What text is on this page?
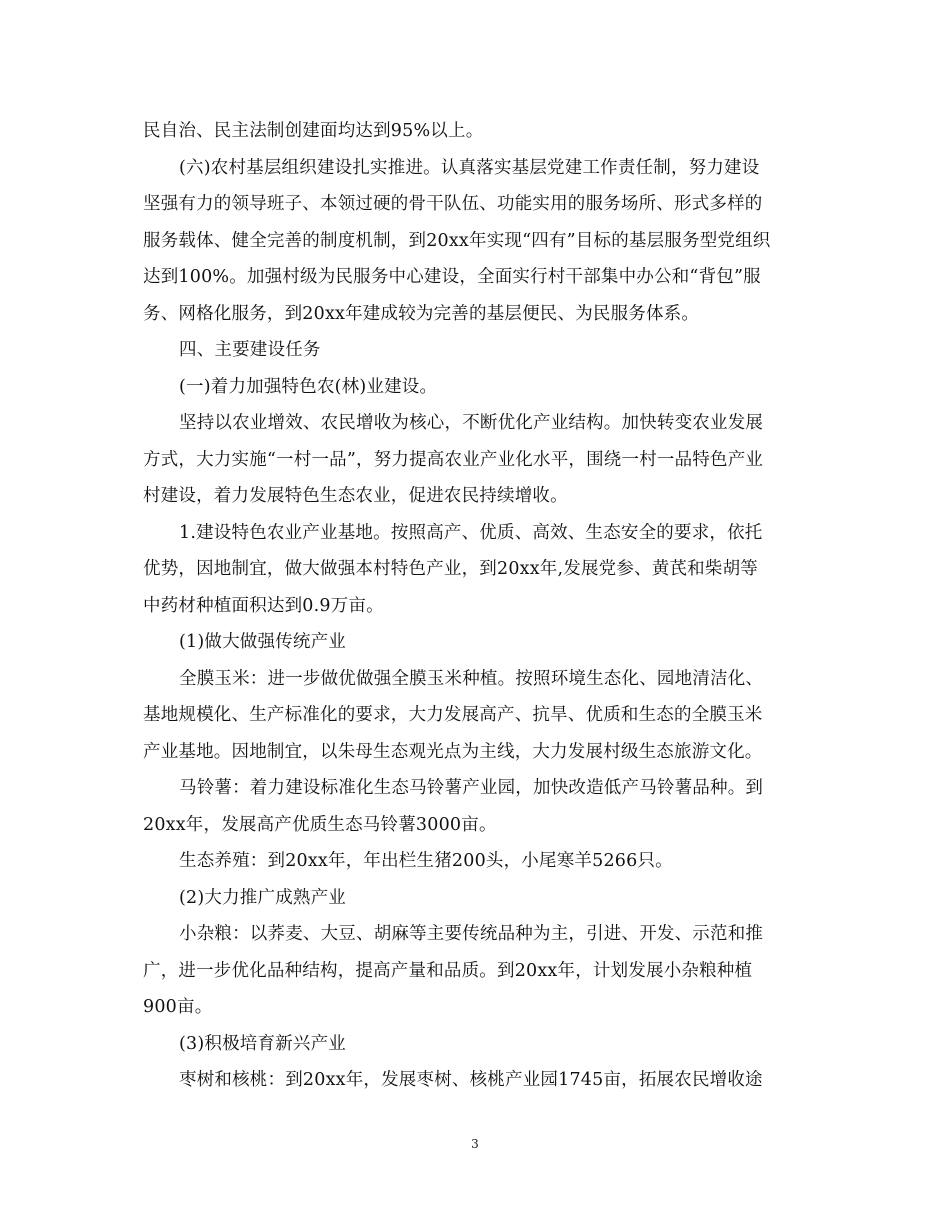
民自治、民主法制创建面均达到95%以上。
(六)农村基层组织建设扎实推进。认真落实基层党建工作责任制，努力建设
坚强有力的领导班子、本领过硬的骨干队伍、功能实用的服务场所、形式多样的
服务载体、健全完善的制度机制，到20xx年实现“四有”目标的基层服务型党组织
达到100%。加强村级为民服务中心建设，全面实行村干部集中办公和“背包”服
务、网格化服务，到20xx年建成较为完善的基层便民、为民服务体系。
四、主要建设任务
(一)着力加强特色农(林)业建设。
坚持以农业增效、农民增收为核心，不断优化产业结构。加快转变农业发展
方式，大力实施“一村一品”，努力提高农业产业化水平，围绕一村一品特色产业
村建设，着力发展特色生态农业，促进农民持续增收。
1.建设特色农业产业基地。按照高产、优质、高效、生态安全的要求，依托
优势，因地制宜，做大做强本村特色产业，到20xx年,发展党参、黄芪和柴胡等
中药材种植面积达到0.9万亩。
(1)做大做强传统产业
全膜玉米：进一步做优做强全膜玉米种植。按照环境生态化、园地清洁化、
基地规模化、生产标准化的要求，大力发展高产、抗旱、优质和生态的全膜玉米
产业基地。因地制宜，以朱母生态观光点为主线，大力发展村级生态旅游文化。
马铃薯：着力建设标准化生态马铃薯产业园，加快改造低产马铃薯品种。到
20xx年，发展高产优质生态马铃薯3000亩。
生态养殖：到20xx年，年出栏生猪200头，小尾寒羊5266只。
(2)大力推广成熟产业
小杂粮：以荞麦、大豆、胡麻等主要传统品种为主，引进、开发、示范和推
广，进一步优化品种结构，提高产量和品质。到20xx年，计划发展小杂粮种植
900亩。
(3)积极培育新兴产业
枣树和核桃：到20xx年，发展枣树、核桃产业园1745亩，拓展农民增收途
3
